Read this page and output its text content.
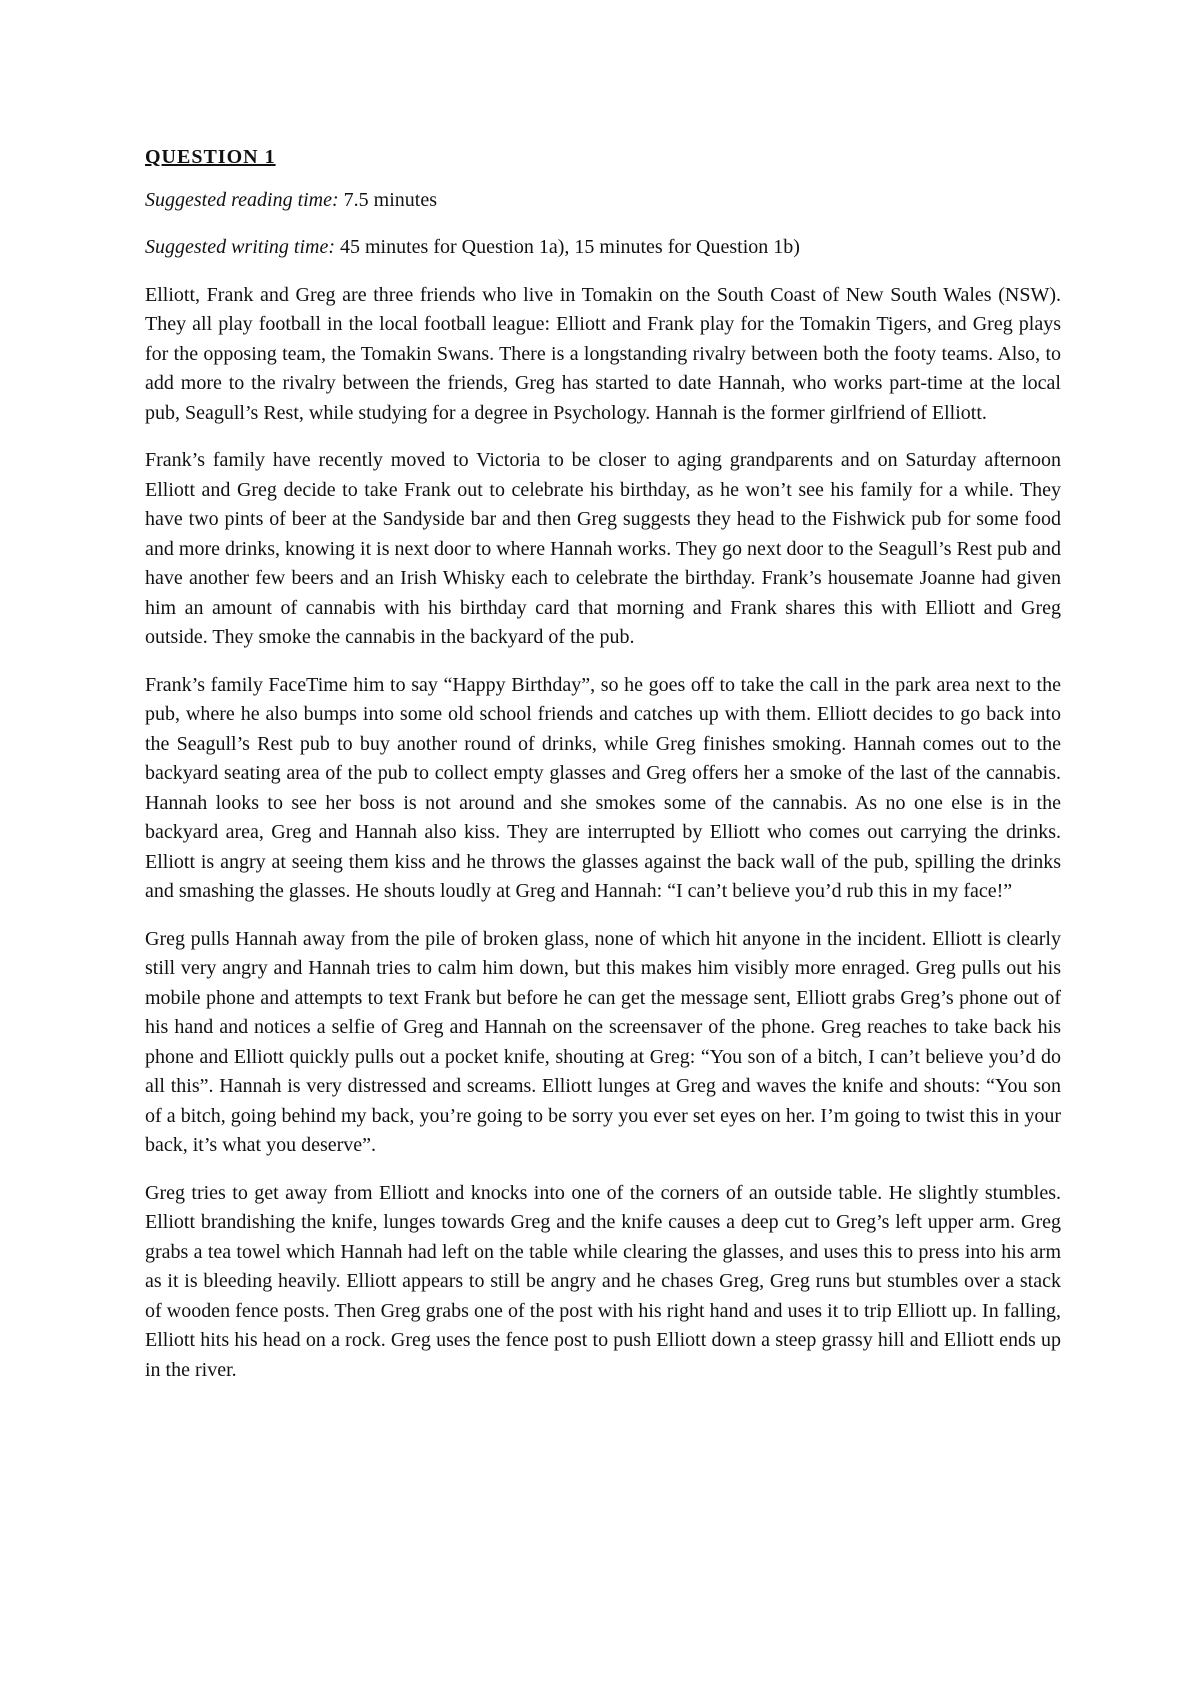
QUESTION 1
Suggested reading time: 7.5 minutes
Suggested writing time: 45 minutes for Question 1a), 15 minutes for Question 1b)

Elliott, Frank and Greg are three friends who live in Tomakin on the South Coast of New South Wales (NSW). They all play football in the local football league: Elliott and Frank play for the Tomakin Tigers, and Greg plays for the opposing team, the Tomakin Swans. There is a longstanding rivalry between both the footy teams. Also, to add more to the rivalry between the friends, Greg has started to date Hannah, who works part-time at the local pub, Seagull’s Rest, while studying for a degree in Psychology. Hannah is the former girlfriend of Elliott.

Frank’s family have recently moved to Victoria to be closer to aging grandparents and on Saturday afternoon Elliott and Greg decide to take Frank out to celebrate his birthday, as he won’t see his family for a while. They have two pints of beer at the Sandyside bar and then Greg suggests they head to the Fishwick pub for some food and more drinks, knowing it is next door to where Hannah works. They go next door to the Seagull’s Rest pub and have another few beers and an Irish Whisky each to celebrate the birthday. Frank’s housemate Joanne had given him an amount of cannabis with his birthday card that morning and Frank shares this with Elliott and Greg outside. They smoke the cannabis in the backyard of the pub.

Frank’s family FaceTime him to say “Happy Birthday”, so he goes off to take the call in the park area next to the pub, where he also bumps into some old school friends and catches up with them. Elliott decides to go back into the Seagull’s Rest pub to buy another round of drinks, while Greg finishes smoking. Hannah comes out to the backyard seating area of the pub to collect empty glasses and Greg offers her a smoke of the last of the cannabis. Hannah looks to see her boss is not around and she smokes some of the cannabis. As no one else is in the backyard area, Greg and Hannah also kiss. They are interrupted by Elliott who comes out carrying the drinks. Elliott is angry at seeing them kiss and he throws the glasses against the back wall of the pub, spilling the drinks and smashing the glasses. He shouts loudly at Greg and Hannah: “I can’t believe you’d rub this in my face!”

Greg pulls Hannah away from the pile of broken glass, none of which hit anyone in the incident. Elliott is clearly still very angry and Hannah tries to calm him down, but this makes him visibly more enraged. Greg pulls out his mobile phone and attempts to text Frank but before he can get the message sent, Elliott grabs Greg’s phone out of his hand and notices a selfie of Greg and Hannah on the screensaver of the phone. Greg reaches to take back his phone and Elliott quickly pulls out a pocket knife, shouting at Greg: “You son of a bitch, I can’t believe you’d do all this”. Hannah is very distressed and screams. Elliott lunges at Greg and waves the knife and shouts: “You son of a bitch, going behind my back, you’re going to be sorry you ever set eyes on her. I’m going to twist this in your back, it’s what you deserve”.

Greg tries to get away from Elliott and knocks into one of the corners of an outside table. He slightly stumbles. Elliott brandishing the knife, lunges towards Greg and the knife causes a deep cut to Greg’s left upper arm. Greg grabs a tea towel which Hannah had left on the table while clearing the glasses, and uses this to press into his arm as it is bleeding heavily. Elliott appears to still be angry and he chases Greg, Greg runs but stumbles over a stack of wooden fence posts. Then Greg grabs one of the post with his right hand and uses it to trip Elliott up. In falling, Elliott hits his head on a rock. Greg uses the fence post to push Elliott down a steep grassy hill and Elliott ends up in the river.
